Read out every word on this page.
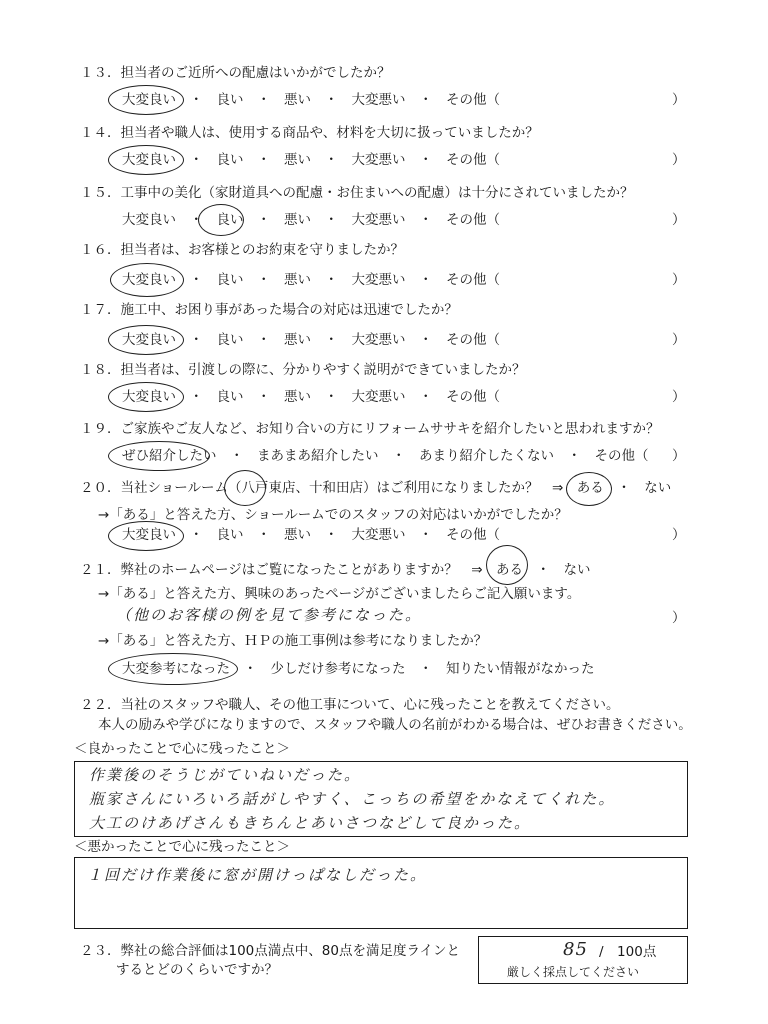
１３．担当者のご近所への配慮はいかがでしたか？
大変良い　・　良い　・　悪い　・　大変悪い　・　その他（	）
１４．担当者や職人は、使用する商品や、材料を大切に扱っていましたか？
大変良い　・　良い　・　悪い　・　大変悪い　・　その他（	）
１５．工事中の美化（家財道具への配慮・お住まいへの配慮）は十分にされていましたか？
大変良い　・　良い　・　悪い　・　大変悪い　・　その他（	）
１６．担当者は、お客様とのお約束を守りましたか？
大変良い　・　良い　・　悪い　・　大変悪い　・　その他（	）
１７．施工中、お困り事があった場合の対応は迅速でしたか？
大変良い　・　良い　・　悪い　・　大変悪い　・　その他（	）
１８．担当者は、引渡しの際に、分かりやすく説明ができていましたか？
大変良い　・　良い　・　悪い　・　大変悪い　・　その他（	）
１９．ご家族やご友人など、お知り合いの方にリフォームササキを紹介したいと思われますか？
ぜひ紹介したい　・　まあまあ紹介したい　・　あまり紹介したくない　・　その他（ ）
２０．当社ショールーム（八戸東店、十和田店）はご利用になりましたか？　⇒　ある　・　ない
→「ある」と答えた方、ショールームでのスタッフの対応はいかがでしたか？
大変良い　・　良い　・　悪い　・　大変悪い　・　その他（	）
２１．弊社のホームページはご覧になったことがありますか？　⇒　ある　・　ない
→「ある」と答えた方、興味のあったページがございましたらご記入願います。
（他のお客様の例を見て参考になった。	）
→「ある」と答えた方、ＨＰの施工事例は参考になりましたか？
大変参考になった　・　少しだけ参考になった　・　知りたい情報がなかった
２２．当社のスタッフや職人、その他工事について、心に残ったことを教えてください。
本人の励みや学びになりますので、スタッフや職人の名前がわかる場合は、ぜひお書きください。
＜良かったことで心に残ったこと＞
作業後のそうじがていねいだった。
瓶家さんにいろいろ話がしやすく、こっちの希望をかなえてくれた。
大工のけあげさんもきちんとあいさつなどして良かった。
＜悪かったことで心に残ったこと＞
１回だけ作業後に窓が開けっぱなしだった。
２３．弊社の総合評価は100点満点中、80点を満足度ラインと
するとどのくらいですか？
85 /　100点
厳しく採点してください
